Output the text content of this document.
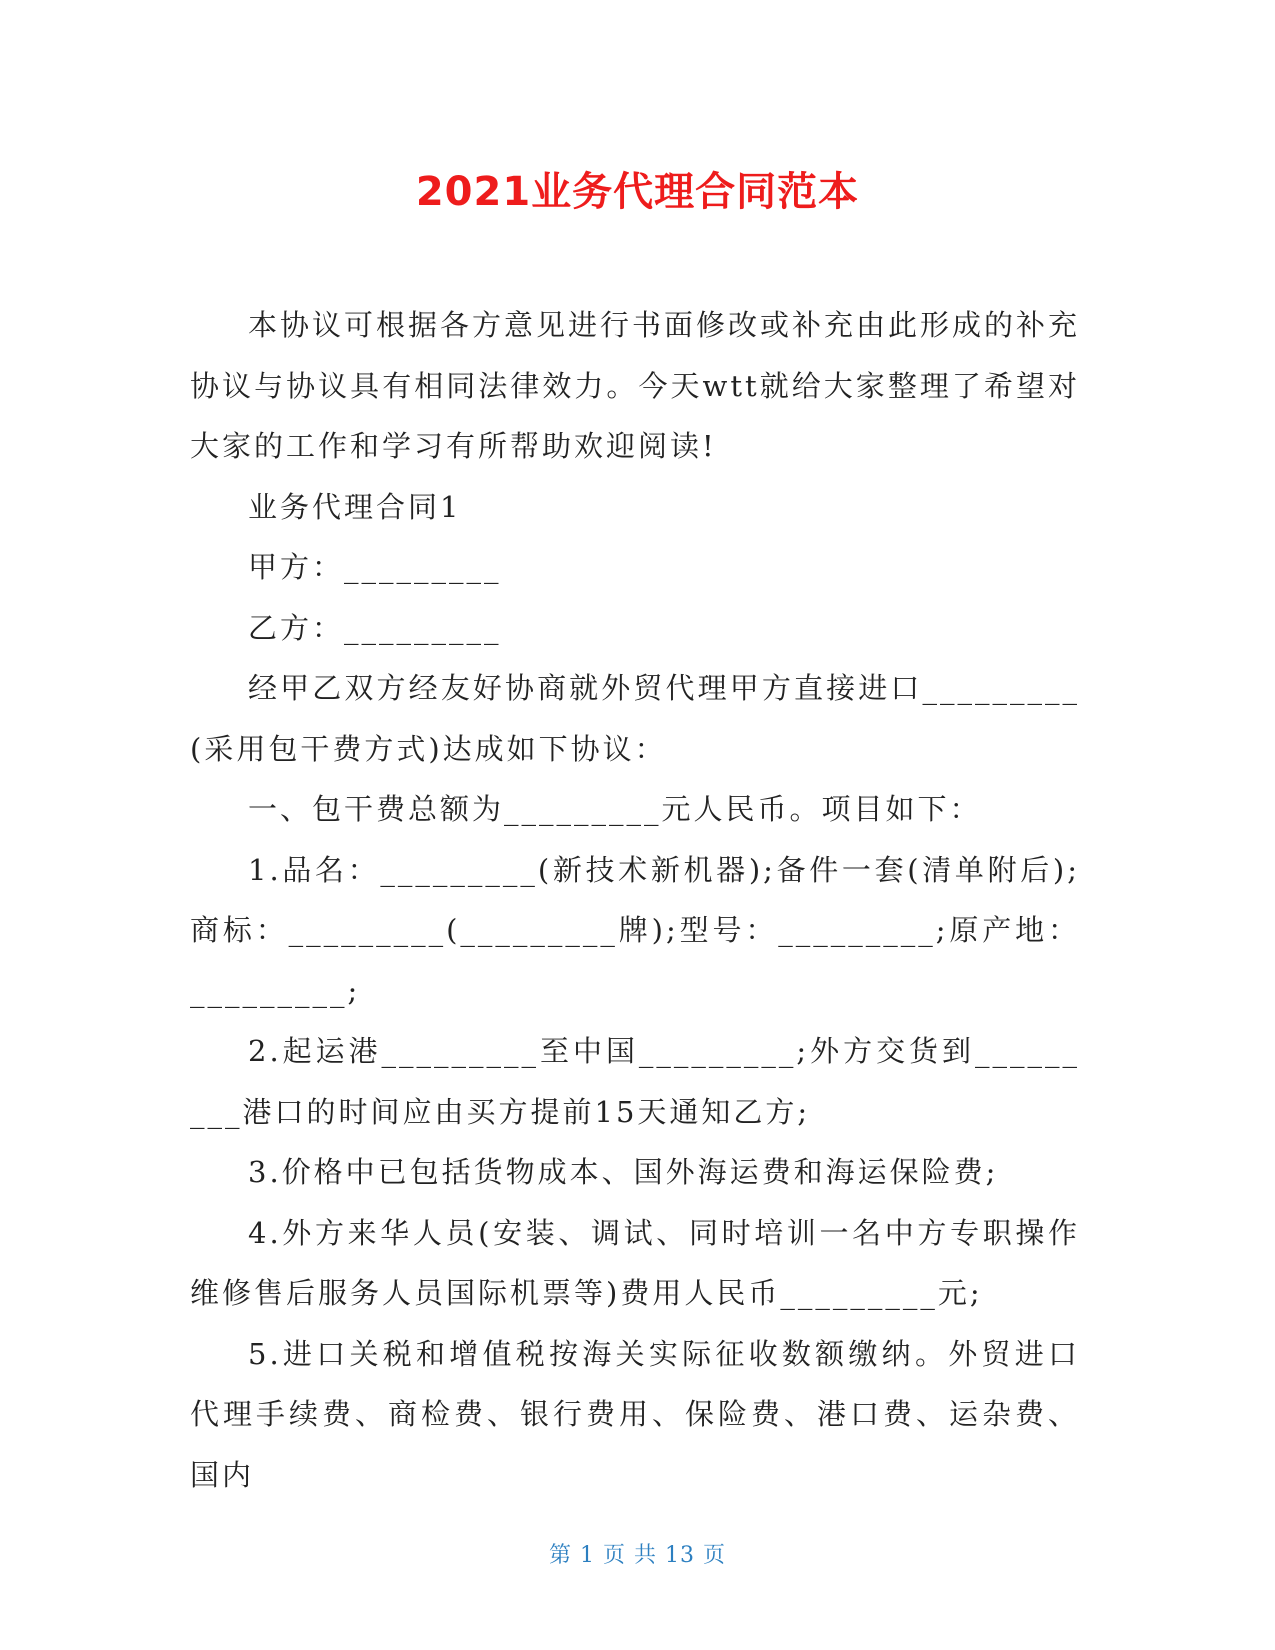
2021业务代理合同范本

本协议可根据各方意见进行书面修改或补充由此形成的补充协议与协议具有相同法律效力。今天wtt就给大家整理了希望对大家的工作和学习有所帮助欢迎阅读!

业务代理合同1

甲方：_________

乙方：_________

经甲乙双方经友好协商就外贸代理甲方直接进口_________(采用包干费方式)达成如下协议：

一、包干费总额为_________元人民币。项目如下：

1.品名：_________(新技术新机器);备件一套(清单附后);商标：_________(_________牌);型号：_________;原产地：_________;

2.起运港_________至中国_________;外方交货到_________港口的时间应由买方提前15天通知乙方;

3.价格中已包括货物成本、国外海运费和海运保险费;

4.外方来华人员(安装、调试、同时培训一名中方专职操作维修售后服务人员国际机票等)费用人民币_________元;

5.进口关税和增值税按海关实际征收数额缴纳。外贸进口代理手续费、商检费、银行费用、保险费、港口费、运杂费、国内

第 1 页 共 13 页
